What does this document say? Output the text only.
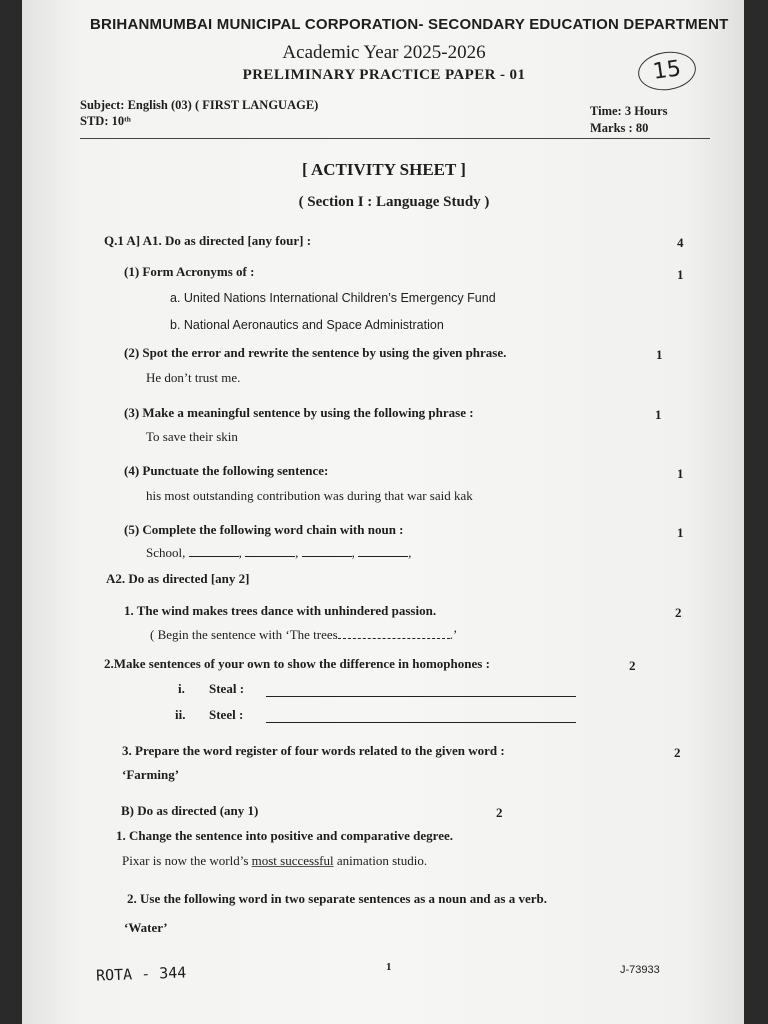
BRIHANMUMBAI MUNICIPAL CORPORATION- SECONDARY EDUCATION DEPARTMENT
Academic Year 2025-2026
PRELIMINARY PRACTICE PAPER - 01	15
Subject: English (03) ( FIRST LANGUAGE)
STD: 10ᵗʰ
Time: 3 Hours
Marks : 80
[ ACTIVITY SHEET ]
( Section I : Language Study )
Q.1 A] A1. Do as directed [any four] :	4
(1) Form Acronyms of :	1
a. United Nations International Children’s Emergency Fund
b. National Aeronautics and Space Administration
(2) Spot the error and rewrite the sentence by using the given phrase.	1
He don’t trust me.
(3) Make a meaningful sentence by using the following phrase :	1
To save their skin
(4) Punctuate the following sentence:	1
his most outstanding contribution was during that war said kak
(5) Complete the following word chain with noun :	1
School,	,	,	,	,
A2. Do as directed [any 2]
1. The wind makes trees dance with unhindered passion.	2
( Begin the sentence with ‘The trees	.’
2.Make sentences of your own to show the difference in homophones :	2
i. Steal :
ii. Steel :
3. Prepare the word register of four words related to the given word :	2
‘Farming’
B) Do as directed (any 1)	2
1. Change the sentence into positive and comparative degree.
Pixar is now the world’s most successful animation studio.
2. Use the following word in two separate sentences as a noun and as a verb.
‘Water’
ROTA - 344	1	J-73933
